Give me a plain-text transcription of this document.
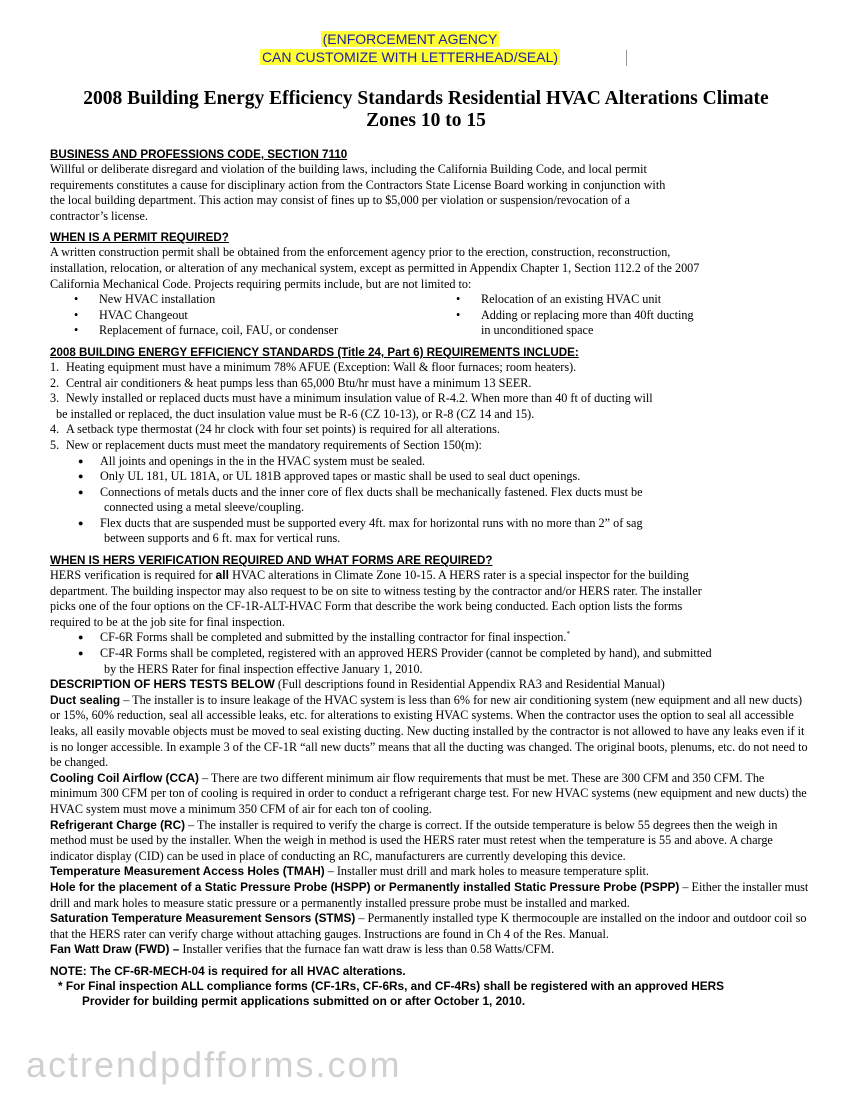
(ENFORCEMENT AGENCY
CAN CUSTOMIZE WITH LETTERHEAD/SEAL)
2008 Building Energy Efficiency Standards Residential HVAC Alterations Climate
Zones 10 to 15
BUSINESS AND PROFESSIONS CODE, SECTION 7110

Willful or deliberate disregard and violation of the building laws, including the California Building Code, and local permit

requirements constitutes a cause for disciplinary action from the Contractors State License Board working in conjunction with

the local building department. This action may consist of fines up to $5,000 per violation or suspension/revocation of a

contractor’s license.

WHEN IS A PERMIT REQUIRED?

A written construction permit shall be obtained from the enforcement agency prior to the erection, construction, reconstruction,

installation, relocation, or alteration of any mechanical system, except as permitted in Appendix Chapter 1, Section 112.2 of the 2007

California Mechanical Code. Projects requiring permits include, but are not limited to:

• New HVAC installation
• HVAC Changeout
• Replacement of furnace, coil, FAU, or condenser
• Relocation of an existing HVAC unit
• Adding or replacing more than 40ft ducting
in unconditioned space
2008 BUILDING ENERGY EFFICIENCY STANDARDS (Title 24, Part 6) REQUIREMENTS INCLUDE:
1. Heating equipment must have a minimum 78% AFUE (Exception: Wall & floor furnaces; room heaters).
2. Central air conditioners & heat pumps less than 65,000 Btu/hr must have a minimum 13 SEER.
3. Newly installed or replaced ducts must have a minimum insulation value of R-4.2. When more than 40 ft of ducting will
be installed or replaced, the duct insulation value must be R-6 (CZ 10-13), or R-8 (CZ 14 and 15).
4. A setback type thermostat (24 hr clock with four set points) is required for all alterations.
5. New or replacement ducts must meet the mandatory requirements of Section 150(m):
● All joints and openings in the in the HVAC system must be sealed.
● Only UL 181, UL 181A, or UL 181B approved tapes or mastic shall be used to seal duct openings.
● Connections of metals ducts and the inner core of flex ducts shall be mechanically fastened. Flex ducts must be
connected using a metal sleeve/coupling.
● Flex ducts that are suspended must be supported every 4ft. max for horizontal runs with no more than 2” of sag
between supports and 6 ft. max for vertical runs.
WHEN IS HERS VERIFICATION REQUIRED AND WHAT FORMS ARE REQUIRED?

HERS verification is required for all HVAC alterations in Climate Zone 10-15. A HERS rater is a special inspector for the building

department. The building inspector may also request to be on site to witness testing by the contractor and/or HERS rater. The installer

picks one of the four options on the CF-1R-ALT-HVAC Form that describe the work being conducted. Each option lists the forms

required to be at the job site for final inspection.

● CF-6R Forms shall be completed and submitted by the installing contractor for final inspection.*
● CF-4R Forms shall be completed, registered with an approved HERS Provider (cannot be completed by hand), and submitted
by the HERS Rater for final inspection effective January 1, 2010.

DESCRIPTION OF HERS TESTS BELOW (Full descriptions found in Residential Appendix RA3 and Residential Manual)

Duct sealing – The installer is to insure leakage of the HVAC system is less than 6% for new air conditioning system (new equipment and all new ducts) or 15%, 60% reduction, seal all accessible leaks, etc. for alterations to existing HVAC systems. When the contractor uses the option to seal all accessible leaks, all easily movable objects must be moved to seal existing ducting. New ducting installed by the contractor is not allowed to have any leaks even if it is no longer accessible. In example 3 of the CF-1R “all new ducts” means that all the ducting was changed. The original boots, plenums, etc. do not need to be changed.

Cooling Coil Airflow (CCA) – There are two different minimum air flow requirements that must be met. These are 300 CFM and 350 CFM. The minimum 300 CFM per ton of cooling is required in order to conduct a refrigerant charge test. For new HVAC systems (new equipment and new ducts) the HVAC system must move a minimum 350 CFM of air for each ton of cooling.

Refrigerant Charge (RC) – The installer is required to verify the charge is correct. If the outside temperature is below 55 degrees then the weigh in method must be used by the installer. When the weigh in method is used the HERS rater must retest when the temperature is 55 and above. A charge indicator display (CID) can be used in place of conducting an RC, manufacturers are currently developing this device.

Temperature Measurement Access Holes (TMAH) – Installer must drill and mark holes to measure temperature split.

Hole for the placement of a Static Pressure Probe (HSPP) or Permanently installed Static Pressure Probe (PSPP) – Either the installer must drill and mark holes to measure static pressure or a permanently installed pressure probe must be installed and marked.

Saturation Temperature Measurement Sensors (STMS) – Permanently installed type K thermocouple are installed on the indoor and outdoor coil so that the HERS rater can verify charge without attaching gauges. Instructions are found in Ch 4 of the Res. Manual.

Fan Watt Draw (FWD) – Installer verifies that the furnace fan watt draw is less than 0.58 Watts/CFM.

NOTE: The CF-6R-MECH-04 is required for all HVAC alterations.
* For Final inspection ALL compliance forms (CF-1Rs, CF-6Rs, and CF-4Rs) shall be registered with an approved HERS
Provider for building permit applications submitted on or after October 1, 2010.
actrendpdfforms.com
